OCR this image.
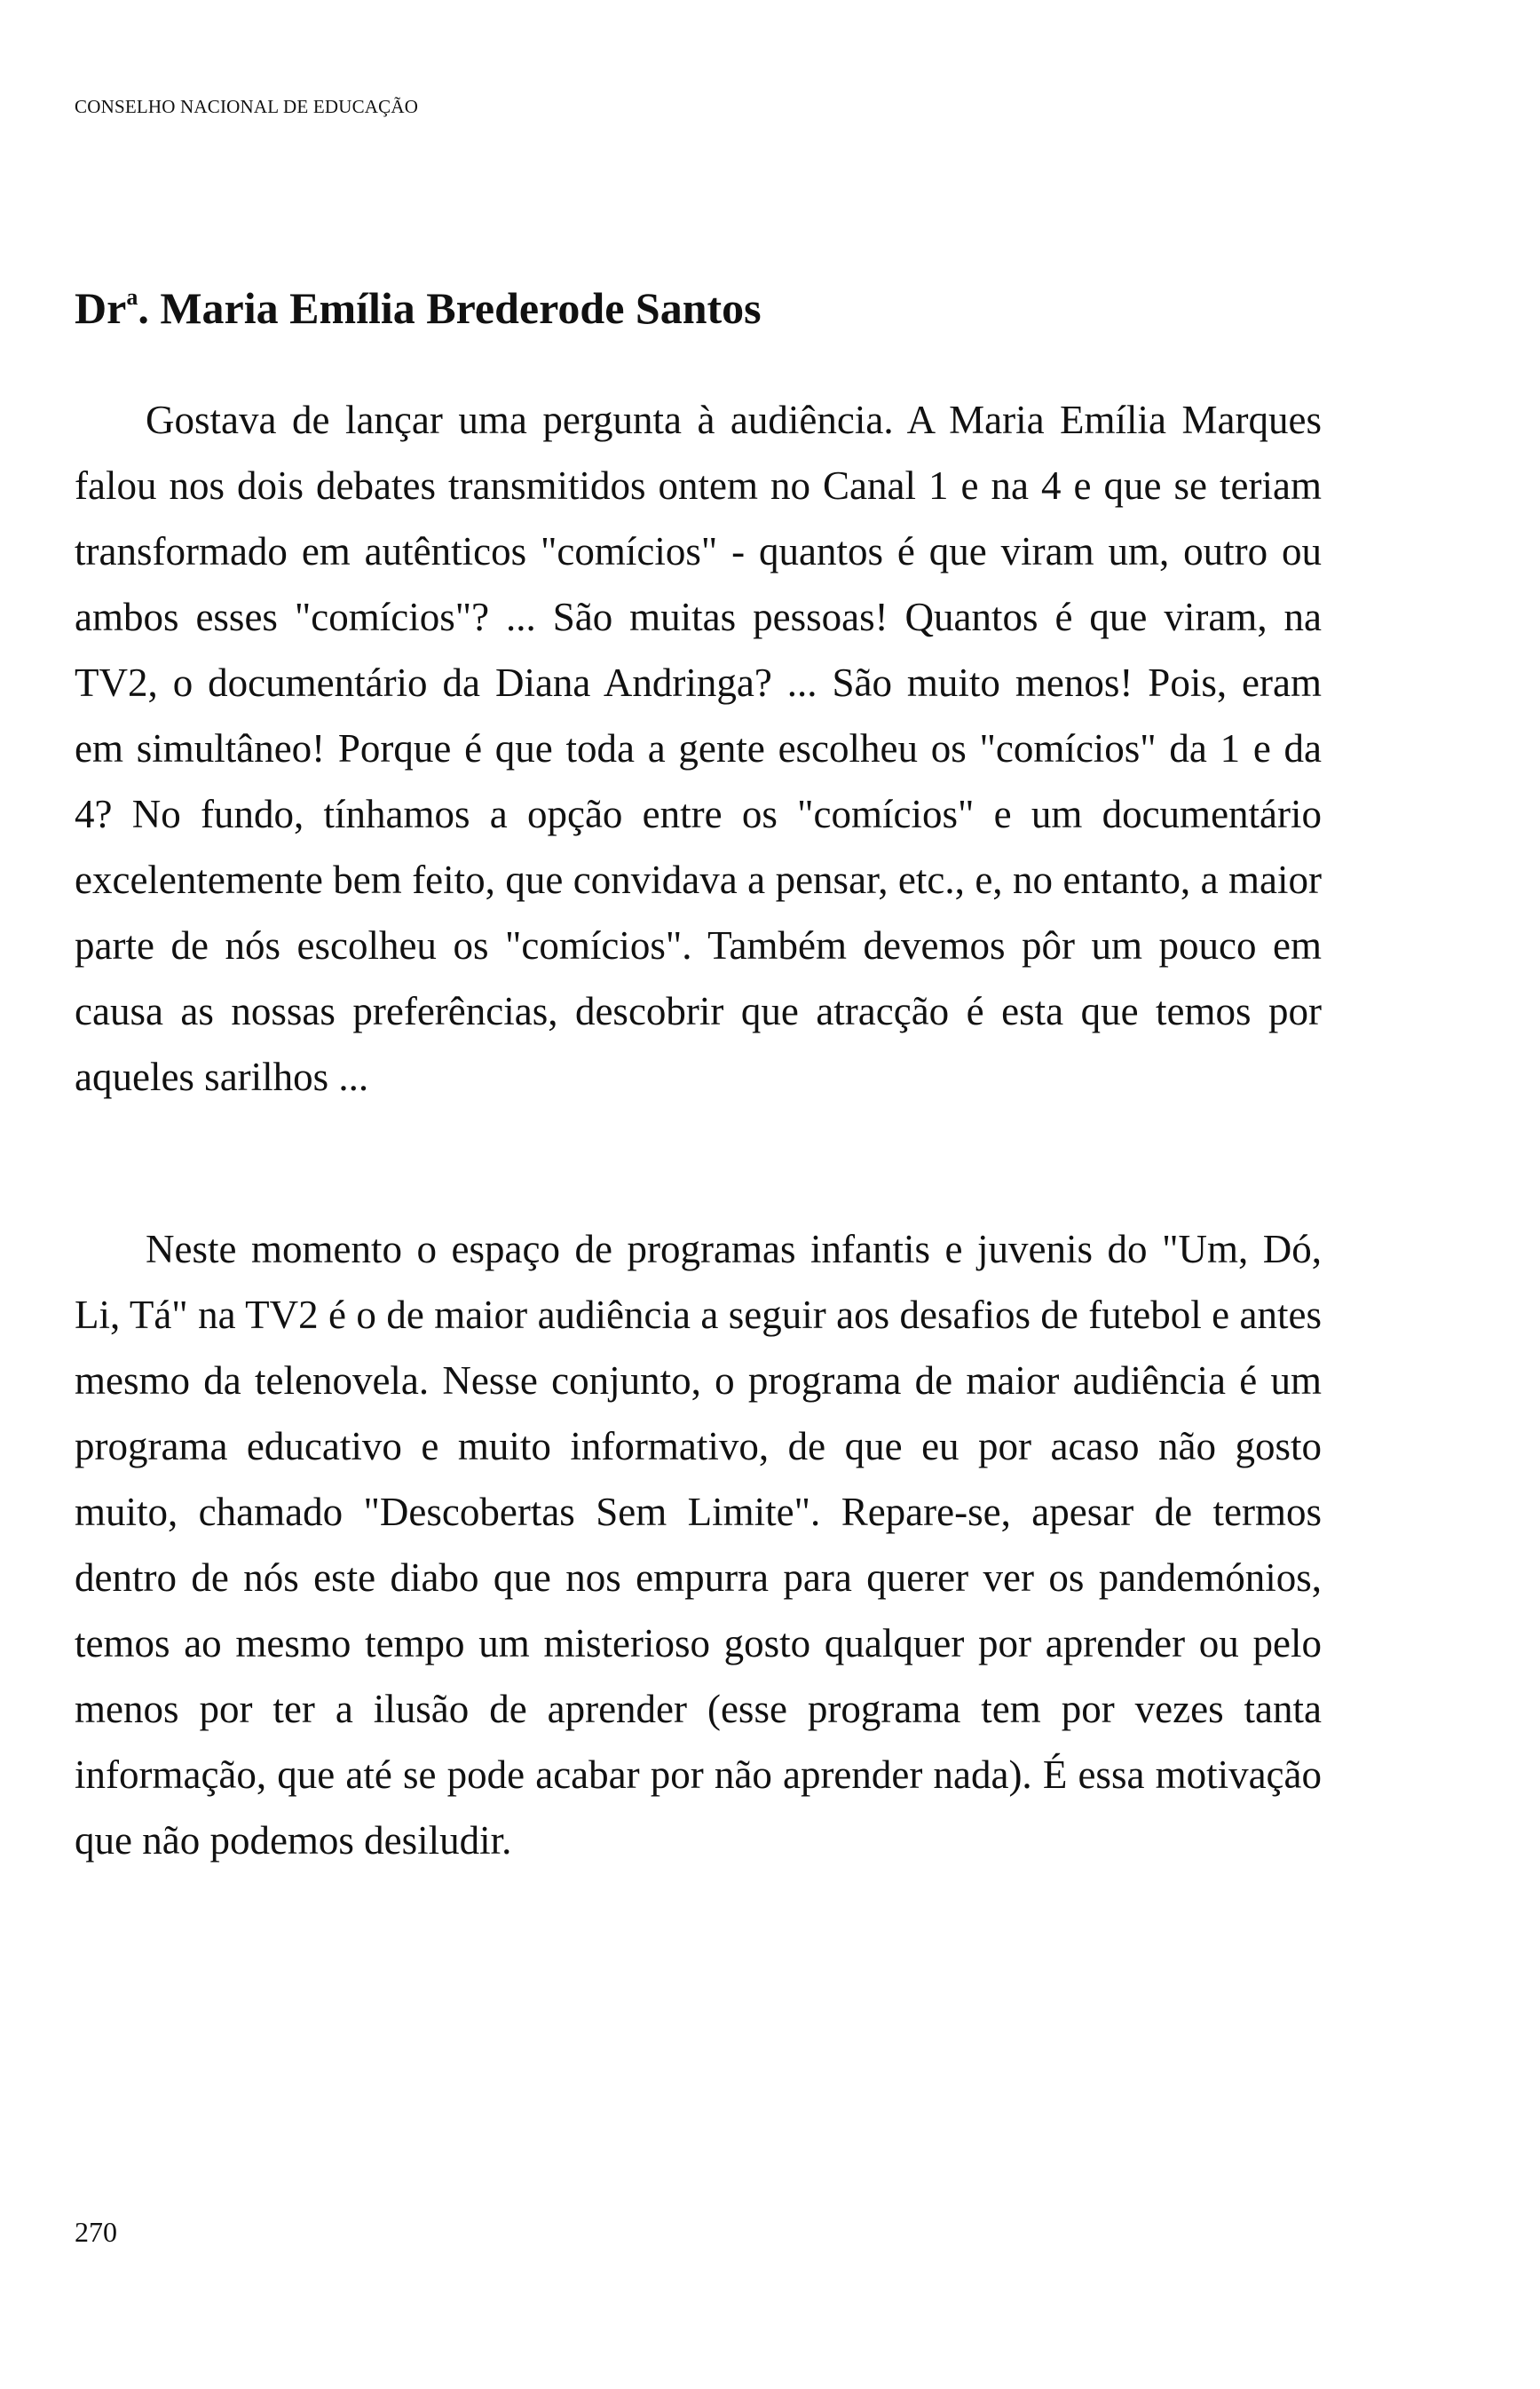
CONSELHO NACIONAL DE EDUCAÇÃO
Dr$^a$. Maria Emília Brederode Santos

Gostava de lançar uma pergunta à audiência. A Maria Emília Marques falou nos dois debates transmitidos ontem no Canal 1 e na 4 e que se teriam transformado em autênticos "comícios" - quantos é que viram um, outro ou ambos esses "comícios"? ... São muitas pessoas! Quantos é que viram, na TV2, o documentário da Diana Andringa? ... São muito menos! Pois, eram em simultâneo! Porque é que toda a gente escolheu os "comícios" da 1 e da 4? No fundo, tínhamos a opção entre os "comícios" e um documentário excelentemente bem feito, que convidava a pensar, etc., e, no entanto, a maior parte de nós escolheu os "comícios". Também devemos pôr um pouco em causa as nossas preferências, descobrir que atracção é esta que temos por aqueles sarilhos ...

Neste momento o espaço de programas infantis e juvenis do "Um, Dó, Li, Tá" na TV2 é o de maior audiência a seguir aos desafios de futebol e antes mesmo da telenovela. Nesse conjunto, o programa de maior audiência é um programa educativo e muito informativo, de que eu por acaso não gosto muito, chamado "Descobertas Sem Limite". Repare-se, apesar de termos dentro de nós este diabo que nos empurra para querer ver os pandemónios, temos ao mesmo tempo um misterioso gosto qualquer por aprender ou pelo menos por ter a ilusão de aprender (esse programa tem por vezes tanta informação, que até se pode acabar por não aprender nada). É essa motivação que não podemos desiludir.

270
